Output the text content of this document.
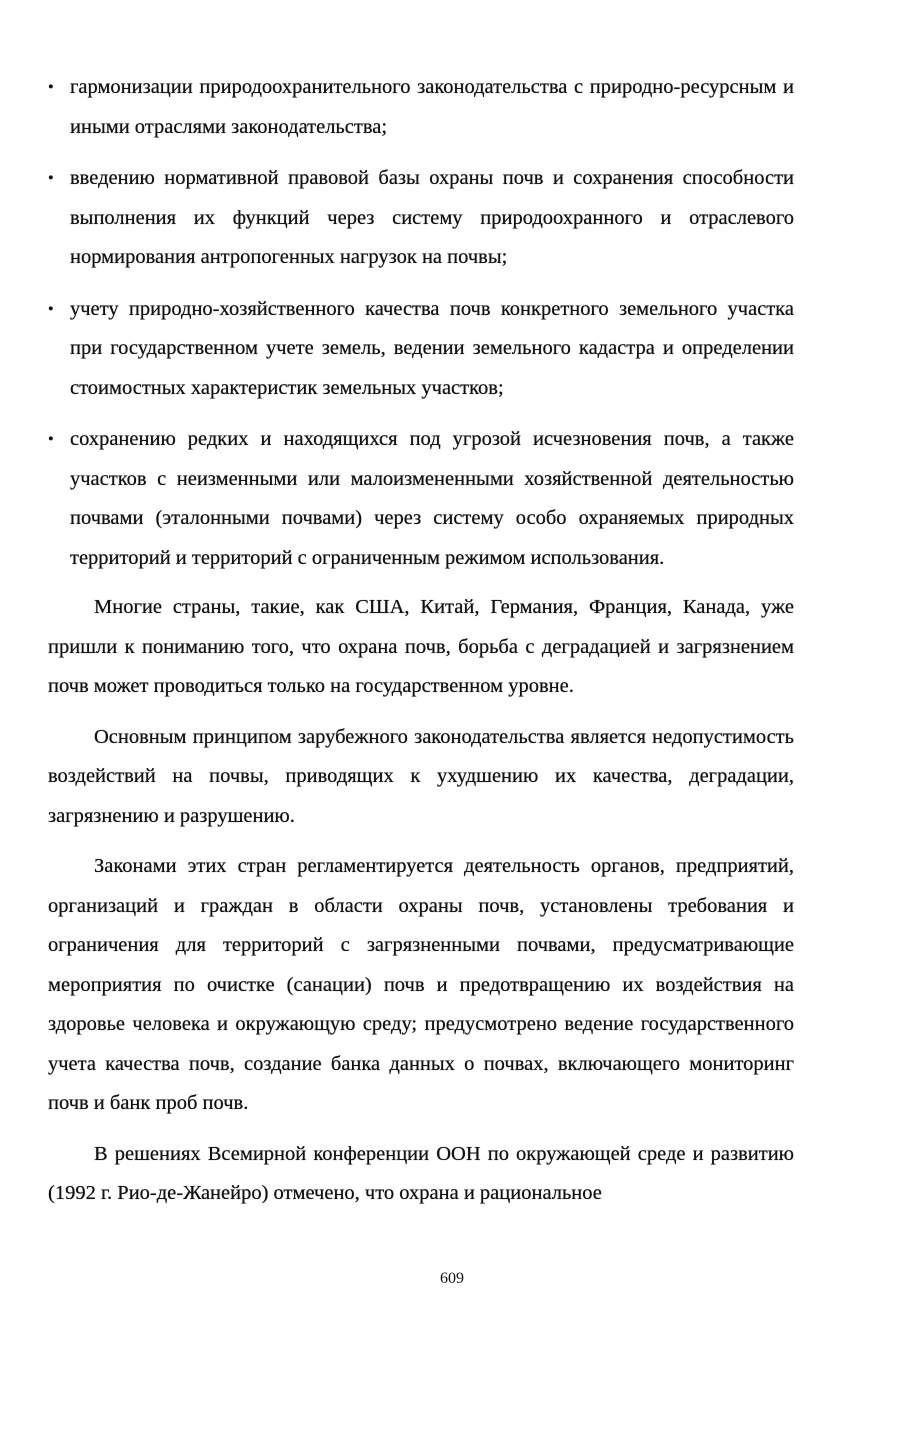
• гармонизации природоохранительного законодательства с природно-ресурсным и иными отраслями законодательства;
• введению нормативной правовой базы охраны почв и сохранения способности выполнения их функций через систему природоохранного и отраслевого нормирования антропогенных нагрузок на почвы;
• учету природно-хозяйственного качества почв конкретного земельного участка при государственном учете земель, ведении земельного кадастра и определении стоимостных характеристик земельных участков;
• сохранению редких и находящихся под угрозой исчезновения почв, а также участков с неизменными или малоизмененными хозяйственной деятельностью почвами (эталонными почвами) через систему особо охраняемых природных территорий и территорий с ограниченным режимом использования.

Многие страны, такие, как США, Китай, Германия, Франция, Канада, уже пришли к пониманию того, что охрана почв, борьба с деградацией и загрязнением почв может проводиться только на государственном уровне.

Основным принципом зарубежного законодательства является недопустимость воздействий на почвы, приводящих к ухудшению их качества, деградации, загрязнению и разрушению.

Законами этих стран регламентируется деятельность органов, предприятий, организаций и граждан в области охраны почв, установлены требования и ограничения для территорий с загрязненными почвами, предусматривающие мероприятия по очистке (санации) почв и предотвращению их воздействия на здоровье человека и окружающую среду; предусмотрено ведение государственного учета качества почв, создание банка данных о почвах, включающего мониторинг почв и банк проб почв.

В решениях Всемирной конференции ООН по окружающей среде и развитию (1992 г. Рио-де-Жанейро) отмечено, что охрана и рациональное

609
